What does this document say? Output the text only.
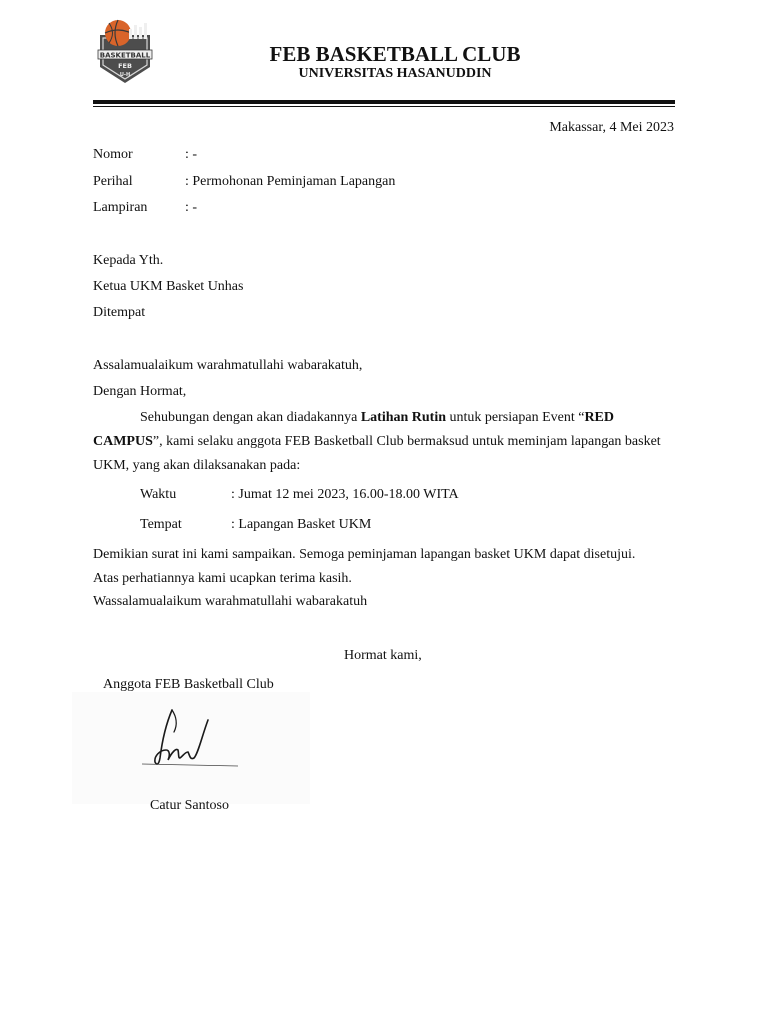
BASKETBALL
FEB
U-H
FEB BASKETBALL CLUB
UNIVERSITAS HASANUDDIN
Makassar, 4 Mei 2023
Nomor	: -
Perihal	: Permohonan Peminjaman Lapangan
Lampiran	: -
Kepada Yth.
Ketua UKM Basket Unhas
Ditempat
Assalamualaikum warahmatullahi wabarakatuh,
Dengan Hormat,
Sehubungan dengan akan diadakannya Latihan Rutin untuk persiapan Event “RED
CAMPUS”, kami selaku anggota FEB Basketball Club bermaksud untuk meminjam lapangan basket
UKM, yang akan dilaksanakan pada:
Waktu	: Jumat 12 mei 2023, 16.00-18.00 WITA
Tempat	: Lapangan Basket UKM
Demikian surat ini kami sampaikan. Semoga peminjaman lapangan basket UKM dapat disetujui.
Atas perhatiannya kami ucapkan terima kasih.
Wassalamualaikum warahmatullahi wabarakatuh
Hormat kami,
Anggota FEB Basketball Club
Catur Santoso
